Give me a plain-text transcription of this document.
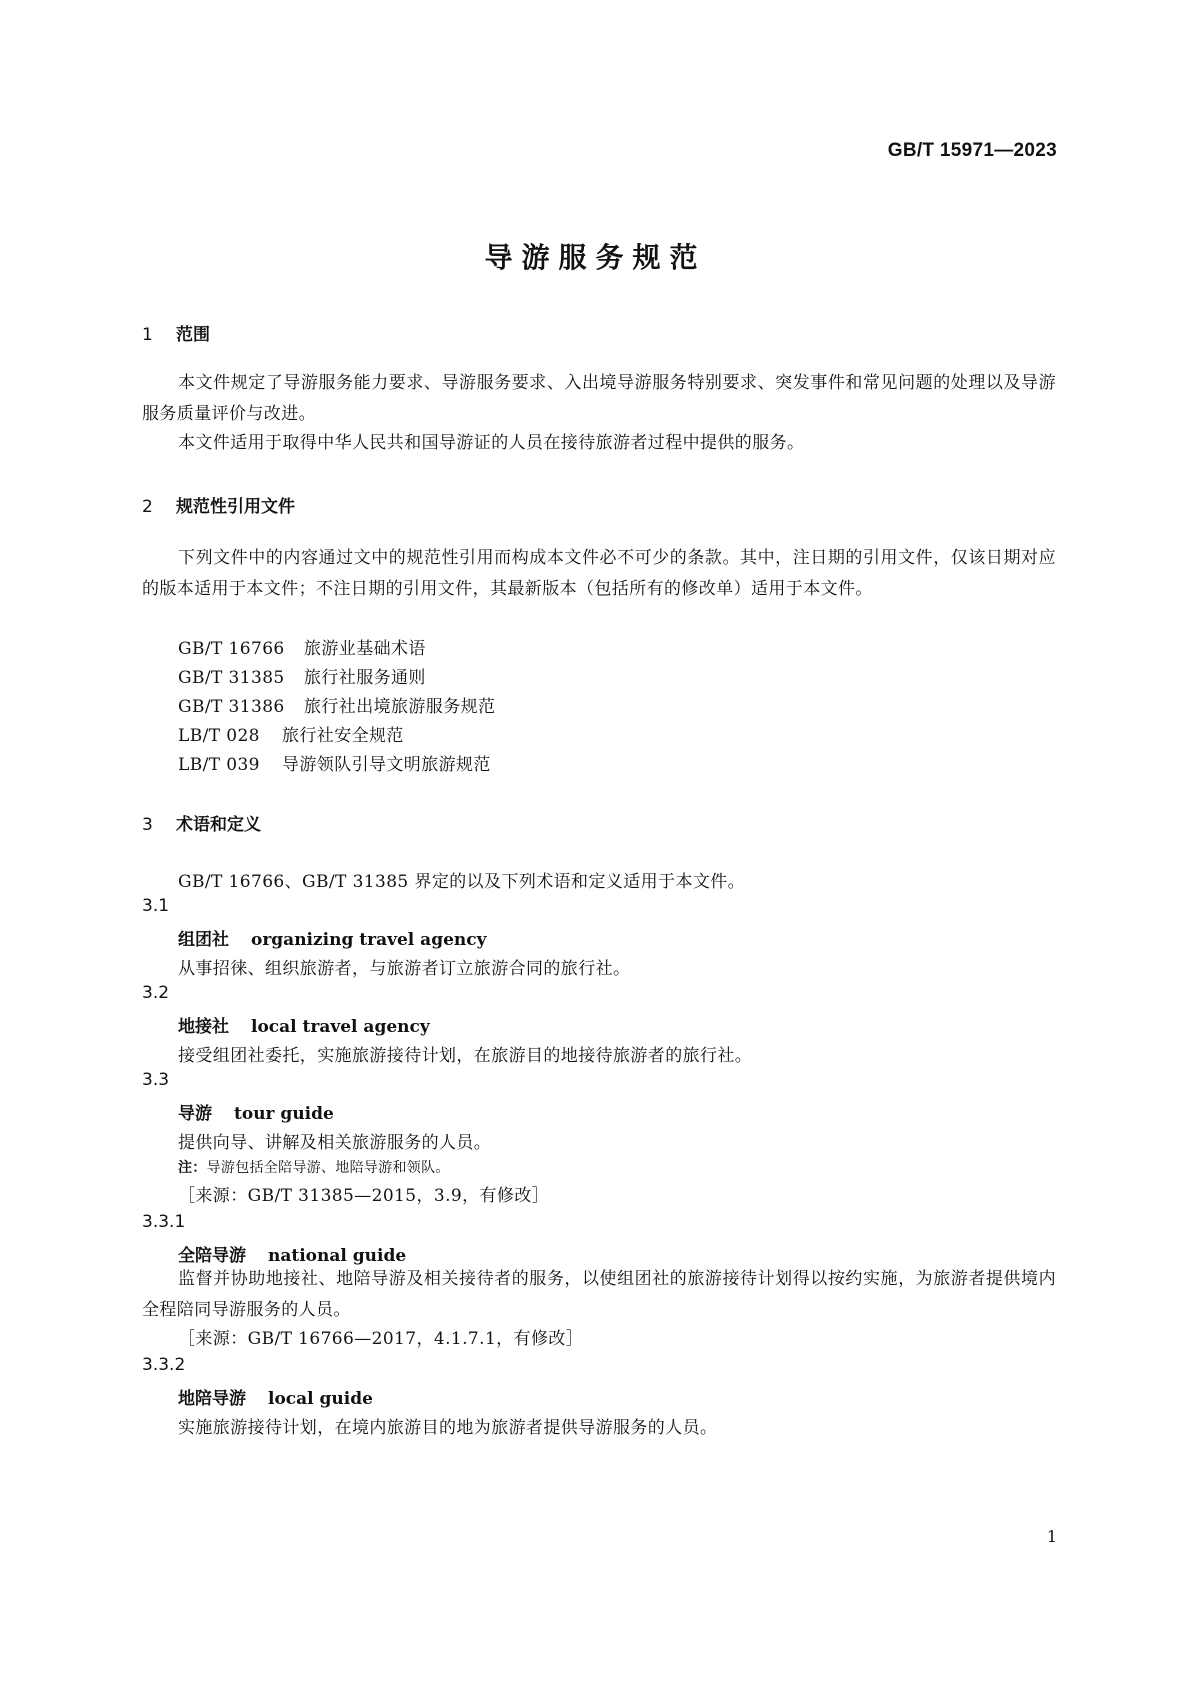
GB/T 15971—2023
导游服务规范
1 范围
本文件规定了导游服务能力要求、导游服务要求、入出境导游服务特别要求、突发事件和常见问题的处理以及导游服务质量评价与改进。
本文件适用于取得中华人民共和国导游证的人员在接待旅游者过程中提供的服务。
2 规范性引用文件
下列文件中的内容通过文中的规范性引用而构成本文件必不可少的条款。其中，注日期的引用文件，仅该日期对应的版本适用于本文件；不注日期的引用文件，其最新版本（包括所有的修改单）适用于本文件。
GB/T 16766 旅游业基础术语
GB/T 31385 旅行社服务通则
GB/T 31386 旅行社出境旅游服务规范
LB/T 028 旅行社安全规范
LB/T 039 导游领队引导文明旅游规范
3 术语和定义
GB/T 16766、GB/T 31385 界定的以及下列术语和定义适用于本文件。
3.1
组团社 organizing travel agency
从事招徕、组织旅游者，与旅游者订立旅游合同的旅行社。
3.2
地接社 local travel agency
接受组团社委托，实施旅游接待计划，在旅游目的地接待旅游者的旅行社。
3.3
导游 tour guide
提供向导、讲解及相关旅游服务的人员。
注：导游包括全陪导游、地陪导游和领队。
［来源：GB/T 31385—2015，3.9，有修改］
3.3.1
全陪导游 national guide
监督并协助地接社、地陪导游及相关接待者的服务，以使组团社的旅游接待计划得以按约实施，为旅游者提供境内全程陪同导游服务的人员。
［来源：GB/T 16766—2017，4.1.7.1，有修改］
3.3.2
地陪导游 local guide
实施旅游接待计划，在境内旅游目的地为旅游者提供导游服务的人员。
1
